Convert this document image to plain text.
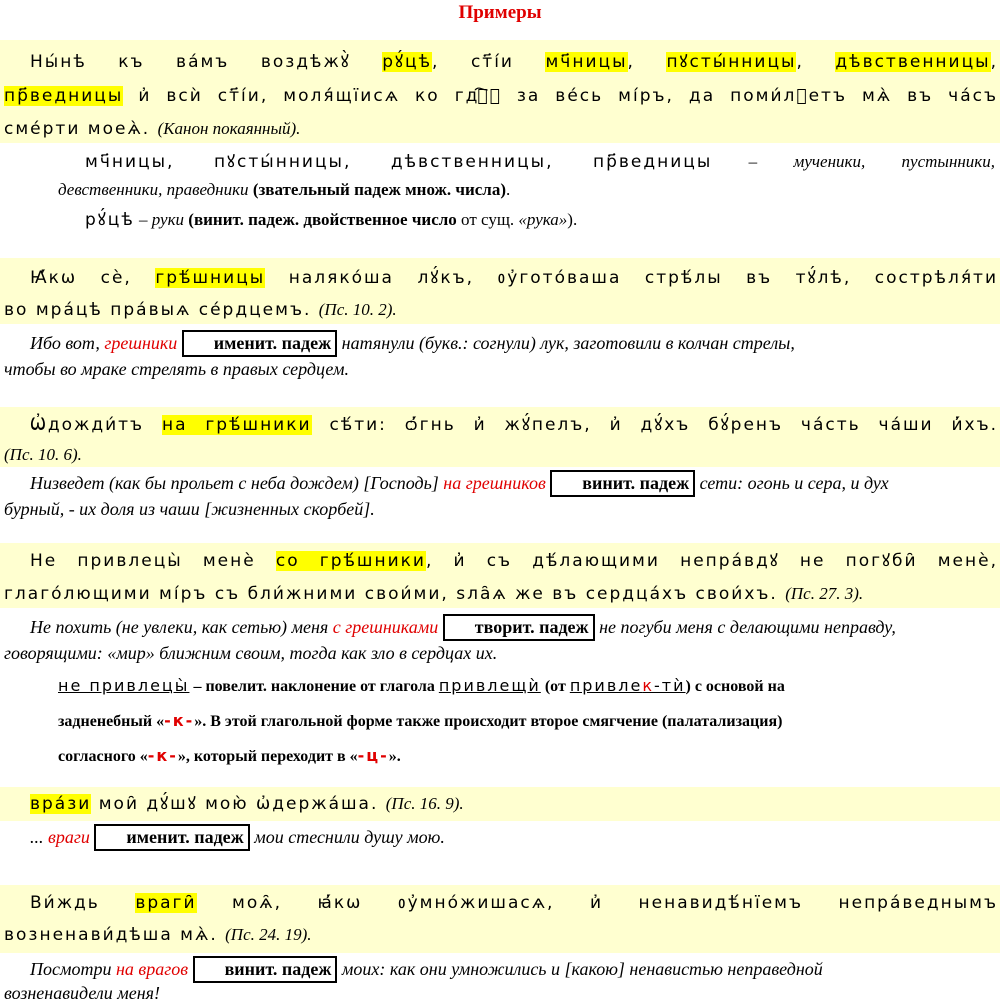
Примеры
Ны́нѣ къ ва́мъ воздѣжꙋ̀ рꙋ́цѣ, ст҃і́и мч҃ницы, пꙋсты́нницы, дѣвственницы,
пр҃ведницы и҆ всѝ ст҃і́и, моля́щїисѧ ко гдⷭ҇ꙋ за ве́сь мі́ръ, да поми́лꙋетъ мѧ̀ въ ча́съ
сме́рти моеѧ̀. (Канон покаянный).
мч҃ницы, пꙋсты́нницы, дѣвственницы, пр҃ведницы – мученики, пустынники,
девственники, праведники (звательный падеж множ. числа).
рꙋ́цѣ – руки (винит. падеж. двойственное число от сущ. «рука»).
Ꙗ҆́кѡ сѐ, грѣ́шницы наляко́ша лꙋ́къ, ᲂу҆гото́ваша стрѣ́лы въ тꙋ́лѣ, сострѣля́ти
во мра́цѣ пра́выѧ се́рдцемъ. (Пс. 10. 2).
Ибо вот, грешники именит. падеж натянули (букв.: согнули) лук, заготовили в колчан стрелы,
чтобы во мраке стрелять в правых сердцем.
Ѡ҆дожди́тъ на грѣ́шники сѣ́ти: ѻ҆́гнь и҆ жꙋ́пелъ, и҆ дꙋ́хъ бꙋ́ренъ ча́сть ча́ши и҆́хъ.
(Пс. 10. 6).
Низведет (как бы прольет с неба дождем) [Господь] на грешников винит. падеж сети: огонь и сера, и дух
бурный, - их доля из чаши [жизненных скорбей].
Не привлецы̀ менѐ со грѣ́шники, и҆ съ дѣ́лающими непра́вдꙋ не погꙋби̑ менѐ,
глаго́лющими мі́ръ съ бли́жними свои́ми, ѕла̑ѧ же въ сердца́хъ свои́хъ. (Пс. 27. 3).
Не похить (не увлеки, как сетью) меня с грешниками творит. падеж не погуби меня с делающими неправду,
говорящими: «мир» ближним своим, тогда как зло в сердцах их.
не привлецы̀ – повелит. наклонение от глагола привлещѝ (от привлек-тѝ) с основой на
задненебный «-к-». В этой глагольной форме также происходит второе смягчение (палатализация)
согласного «-к-», который переходит в «-ц-».
вра́зи мои̑ дꙋ́шꙋ мою̀ ѡ҆держа́ша. (Пс. 16. 9).
... враги именит. падеж мои стеснили душу мою.
Ви́ждь враги̑ моѧ̑, ꙗ҆́кѡ ᲂу҆мно́жишасѧ, и҆ ненавидѣ́нїемъ непра́веднымъ
возненави́дѣша мѧ̀. (Пс. 24. 19).
Посмотри на врагов винит. падеж моих: как они умножились и [какою] ненавистью неправедной
возненавидели меня!
